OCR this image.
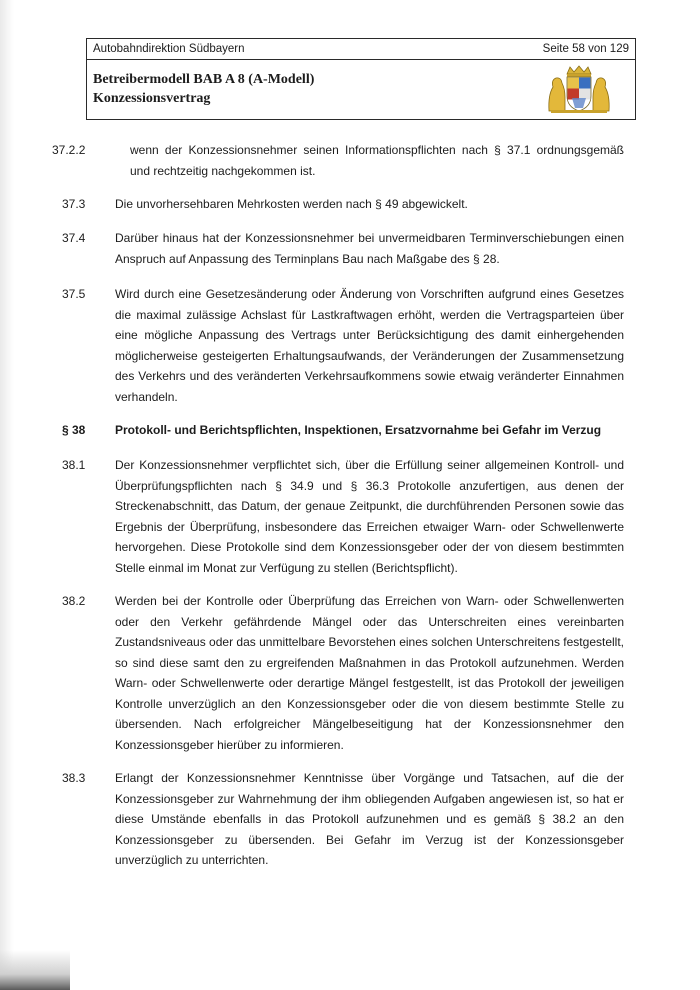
Autobahndirektion Südbayern	Seite 58 von 129
Betreibermodell BAB A 8 (A-Modell)
Konzessionsvertrag
37.2.2	wenn der Konzessionsnehmer seinen Informationspflichten nach § 37.1 ordnungsgemäß und rechtzeitig nachgekommen ist.
37.3 Die unvorhersehbaren Mehrkosten werden nach § 49 abgewickelt.
37.4 Darüber hinaus hat der Konzessionsnehmer bei unvermeidbaren Terminverschiebungen einen Anspruch auf Anpassung des Terminplans Bau nach Maßgabe des § 28.
37.5 Wird durch eine Gesetzesänderung oder Änderung von Vorschriften aufgrund eines Gesetzes die maximal zulässige Achslast für Lastkraftwagen erhöht, werden die Vertragsparteien über eine mögliche Anpassung des Vertrags unter Berücksichtigung des damit einhergehenden möglicherweise gesteigerten Erhaltungsaufwands, der Veränderungen der Zusammensetzung des Verkehrs und des veränderten Verkehrsaufkommens sowie etwaig veränderter Einnahmen verhandeln.
§ 38 Protokoll- und Berichtspflichten, Inspektionen, Ersatzvornahme bei Gefahr im Verzug
38.1 Der Konzessionsnehmer verpflichtet sich, über die Erfüllung seiner allgemeinen Kontroll- und Überprüfungspflichten nach § 34.9 und § 36.3 Protokolle anzufertigen, aus denen der Streckenabschnitt, das Datum, der genaue Zeitpunkt, die durchführenden Personen sowie das Ergebnis der Überprüfung, insbesondere das Erreichen etwaiger Warn- oder Schwellenwerte hervorgehen. Diese Protokolle sind dem Konzessionsgeber oder der von diesem bestimmten Stelle einmal im Monat zur Verfügung zu stellen (Berichtspflicht).
38.2 Werden bei der Kontrolle oder Überprüfung das Erreichen von Warn- oder Schwellenwerten oder den Verkehr gefährdende Mängel oder das Unterschreiten eines vereinbarten Zustandsniveaus oder das unmittelbare Bevorstehen eines solchen Unterschreitens festgestellt, so sind diese samt den zu ergreifenden Maßnahmen in das Protokoll aufzunehmen. Werden Warn- oder Schwellenwerte oder derartige Mängel festgestellt, ist das Protokoll der jeweiligen Kontrolle unverzüglich an den Konzessionsgeber oder die von diesem bestimmte Stelle zu übersenden. Nach erfolgreicher Mängelbeseitigung hat der Konzessionsnehmer den Konzessionsgeber hierüber zu informieren.
38.3 Erlangt der Konzessionsnehmer Kenntnisse über Vorgänge und Tatsachen, auf die der Konzessionsgeber zur Wahrnehmung der ihm obliegenden Aufgaben angewiesen ist, so hat er diese Umstände ebenfalls in das Protokoll aufzunehmen und es gemäß § 38.2 an den Konzessionsgeber zu übersenden. Bei Gefahr im Verzug ist der Konzessionsgeber unverzüglich zu unterrichten.
